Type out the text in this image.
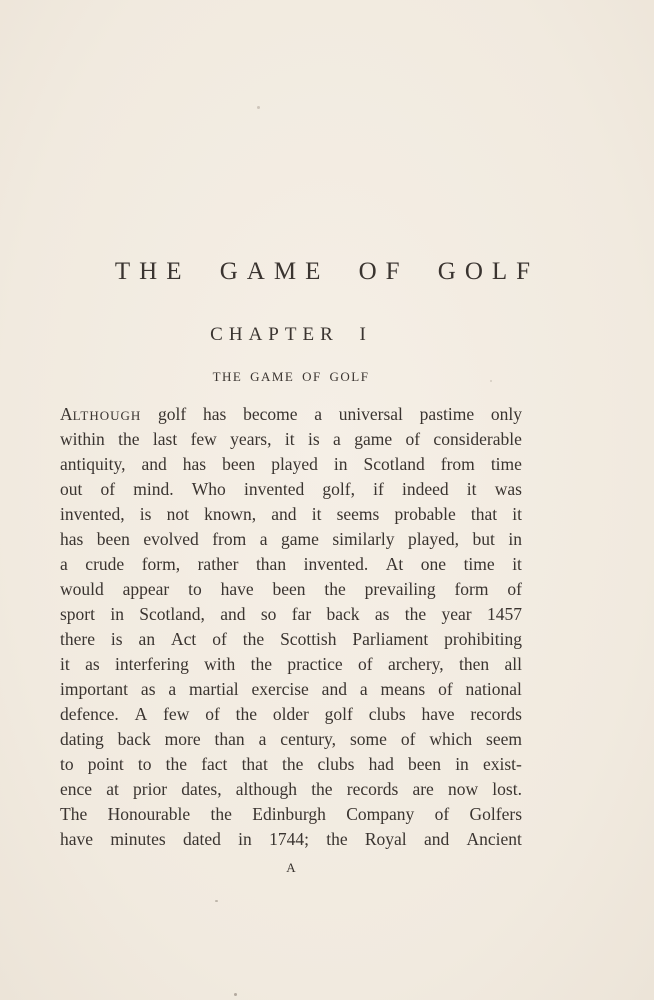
THE GAME OF GOLF
CHAPTER I
THE GAME OF GOLF
ALTHOUGH golf has become a universal pastime only
within the last few years, it is a game of considerable
antiquity, and has been played in Scotland from time
out of mind. Who invented golf, if indeed it was
invented, is not known, and it seems probable that it
has been evolved from a game similarly played, but in
a crude form, rather than invented. At one time it
would appear to have been the prevailing form of
sport in Scotland, and so far back as the year 1457
there is an Act of the Scottish Parliament prohibiting
it as interfering with the practice of archery, then all
important as a martial exercise and a means of national
defence. A few of the older golf clubs have records
dating back more than a century, some of which seem
to point to the fact that the clubs had been in exist-
ence at prior dates, although the records are now lost.
The Honourable the Edinburgh Company of Golfers
have minutes dated in 1744; the Royal and Ancient
A
